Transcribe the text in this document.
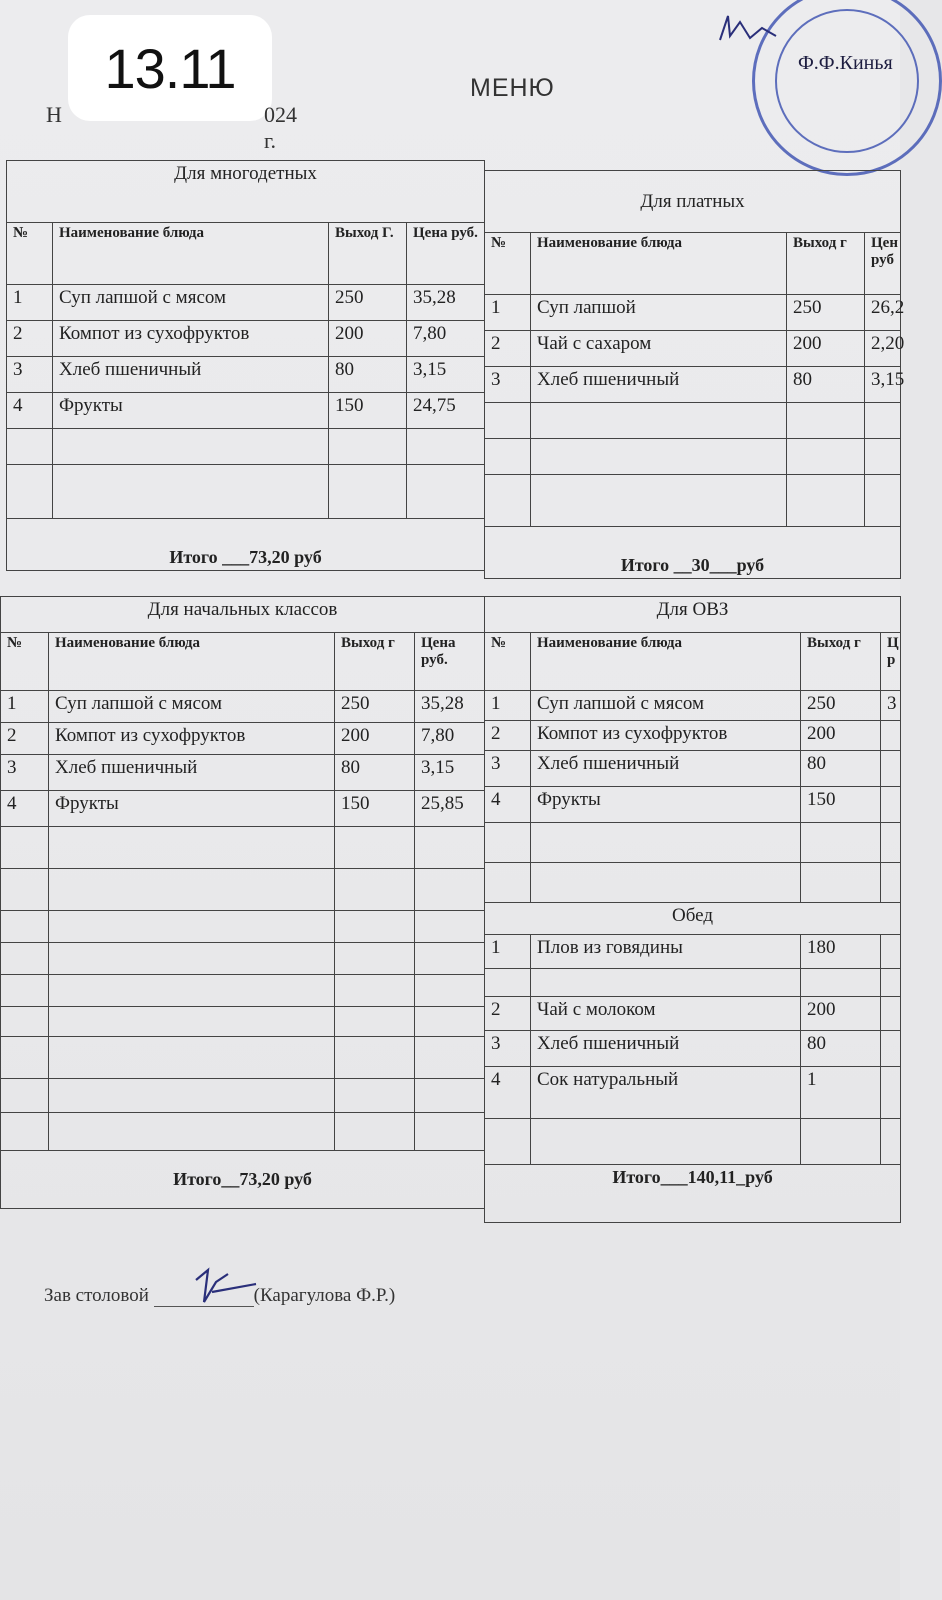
13.11
Н	024 г.
МЕНЮ
Ф.Ф.Кинья
Для многодетных			
№	Наименование блюда	Выход Г.	Цена руб.
1	Суп лапшой с мясом	250	35,28
2	Компот из сухофруктов	200	7,80
3	Хлеб пшеничный	80	3,15
4	Фрукты	150	24,75

Итого ___73,20 руб			
Для платных			
№	Наименование блюда	Выход г	Цен руб
1	Суп лапшой	250	26,2
2	Чай с сахаром	200	2,20
3	Хлеб пшеничный	80	3,15

Итого __30___руб			
Для начальных классов			
№	Наименование блюда	Выход г	Цена руб.
1	Суп лапшой с мясом	250	35,28
2	Компот из сухофруктов	200	7,80
3	Хлеб пшеничный	80	3,15
4	Фрукты	150	25,85

Итого__73,20 руб			
Для ОВЗ			
№	Наименование блюда	Выход г	Ц р
1	Суп лапшой с мясом	250	3
2	Компот из сухофруктов	200	
3	Хлеб пшеничный	80	
4	Фрукты	150	

Обед			
1	Плов из говядины	180	

2	Чай с молоком	200	
3	Хлеб пшеничный	80	
4	Сок натуральный	1	

Итого___140,11_руб			
Зав столовой	(Карагулова Ф.Р.)
